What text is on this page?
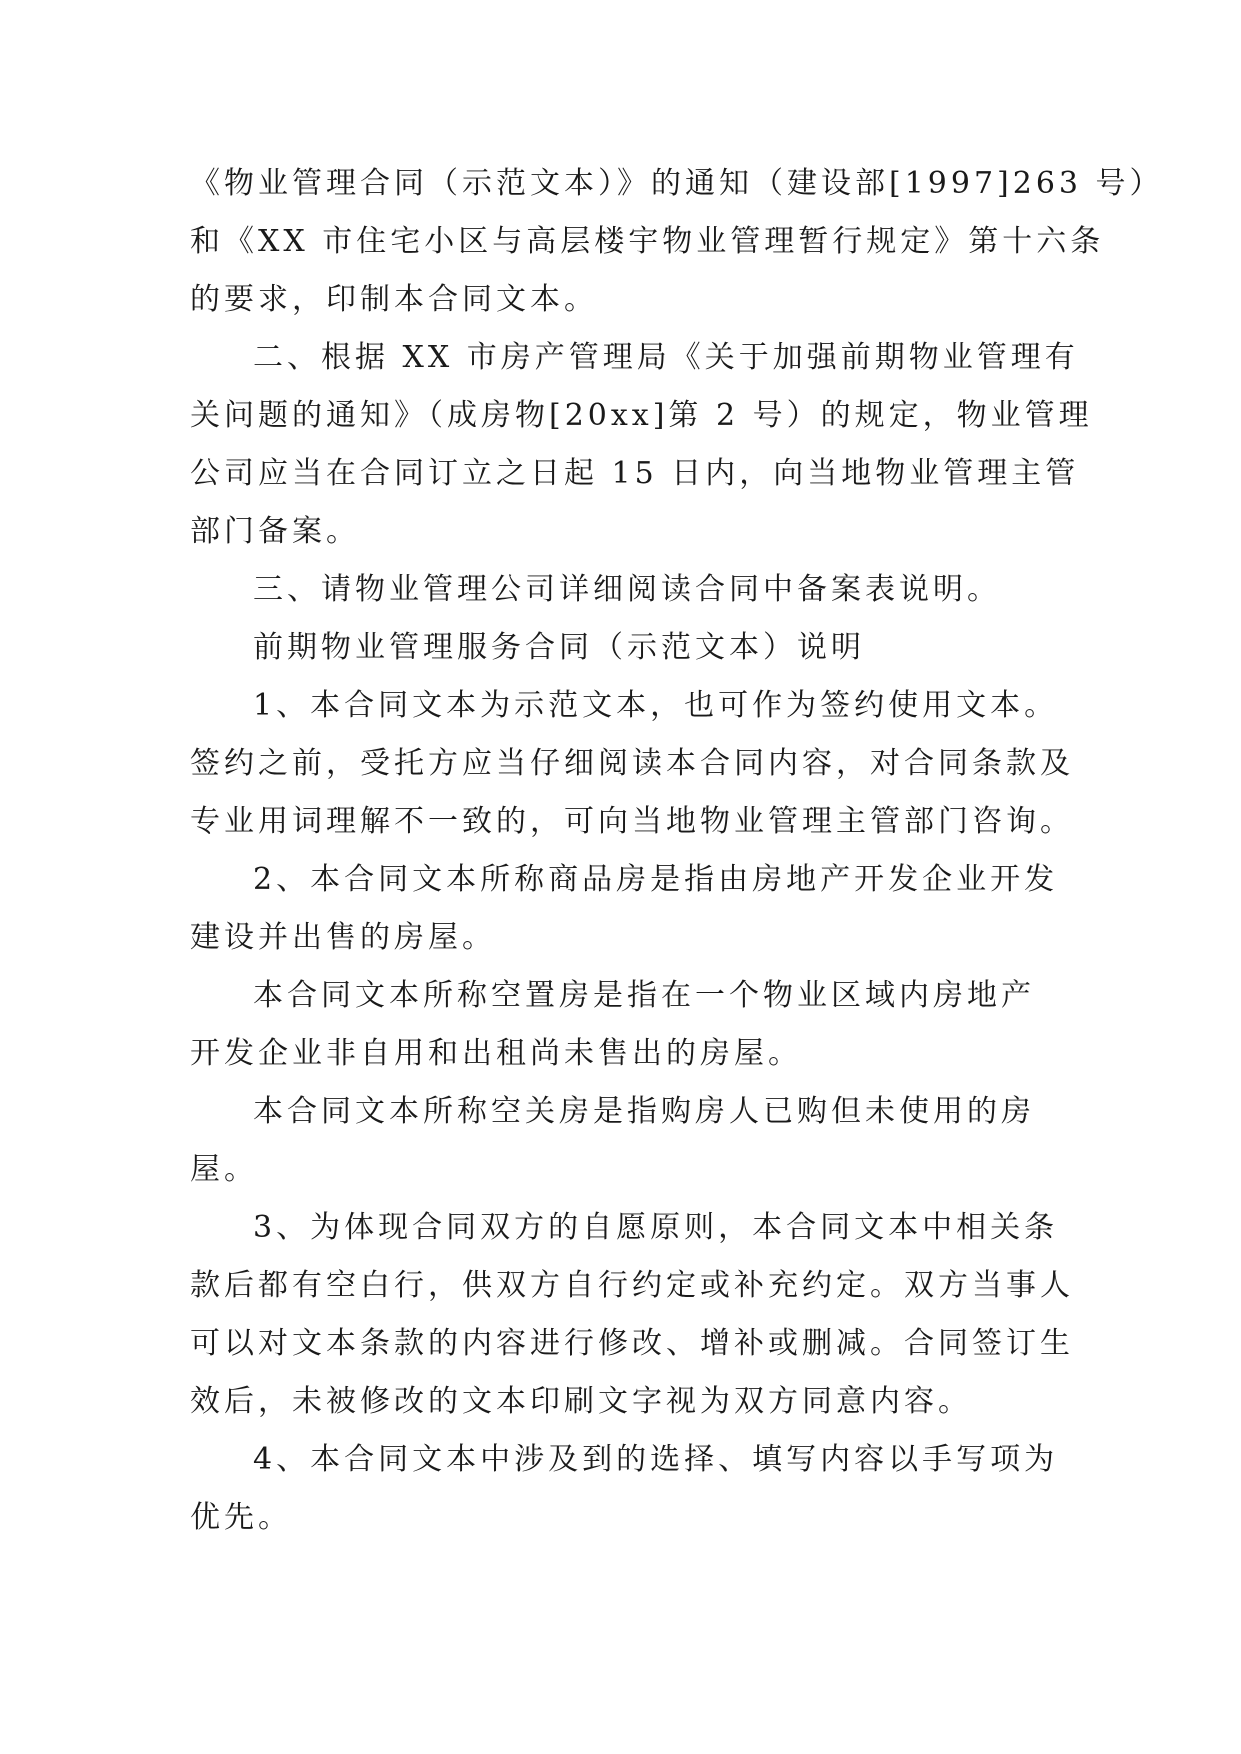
《物业管理合同（示范文本）》的通知（建设部[1997]263 号）
和《XX 市住宅小区与高层楼宇物业管理暂行规定》第十六条
的要求，印制本合同文本。
二、根据 XX 市房产管理局《关于加强前期物业管理有
关问题的通知》（成房物[20xx]第 2 号）的规定，物业管理
公司应当在合同订立之日起 15 日内，向当地物业管理主管
部门备案。
三、请物业管理公司详细阅读合同中备案表说明。
前期物业管理服务合同（示范文本）说明
1、本合同文本为示范文本，也可作为签约使用文本。
签约之前，受托方应当仔细阅读本合同内容，对合同条款及
专业用词理解不一致的，可向当地物业管理主管部门咨询。
2、本合同文本所称商品房是指由房地产开发企业开发
建设并出售的房屋。
本合同文本所称空置房是指在一个物业区域内房地产
开发企业非自用和出租尚未售出的房屋。
本合同文本所称空关房是指购房人已购但未使用的房
屋。
3、为体现合同双方的自愿原则，本合同文本中相关条
款后都有空白行，供双方自行约定或补充约定。双方当事人
可以对文本条款的内容进行修改、增补或删减。合同签订生
效后，未被修改的文本印刷文字视为双方同意内容。
4、本合同文本中涉及到的选择、填写内容以手写项为
优先。
